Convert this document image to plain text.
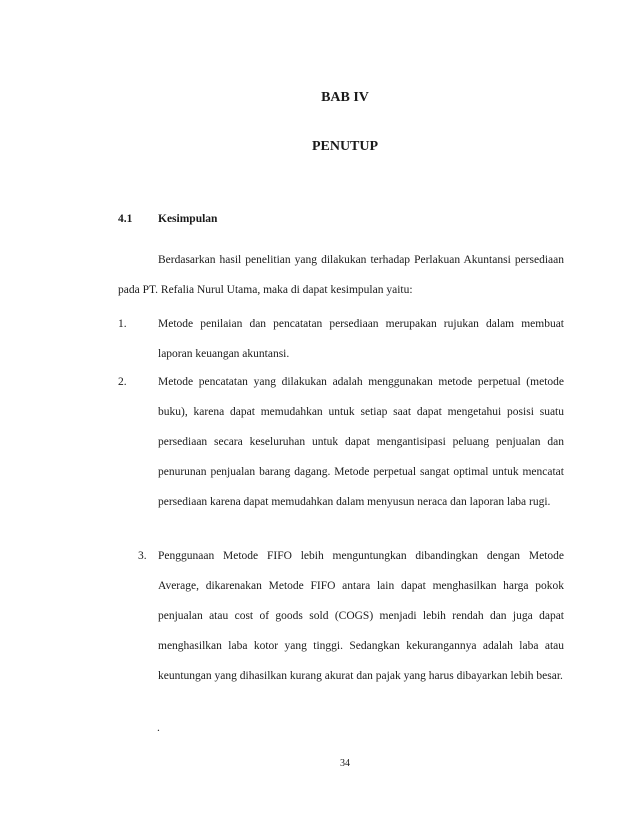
BAB IV
PENUTUP
4.1 Kesimpulan
Berdasarkan hasil penelitian yang dilakukan terhadap Perlakuan Akuntansi persediaan pada PT. Refalia Nurul Utama, maka di dapat kesimpulan yaitu:
1.	Metode penilaian dan pencatatan persediaan merupakan rujukan dalam membuat laporan keuangan akuntansi.
2.	Metode pencatatan yang dilakukan adalah menggunakan metode perpetual (metode buku), karena dapat memudahkan untuk setiap saat dapat mengetahui posisi suatu persediaan secara keseluruhan untuk dapat mengantisipasi peluang penjualan dan penurunan penjualan barang dagang. Metode perpetual sangat optimal untuk mencatat persediaan karena dapat memudahkan dalam menyusun neraca dan laporan laba rugi.
3. Penggunaan Metode FIFO lebih menguntungkan dibandingkan dengan Metode Average, dikarenakan Metode FIFO antara lain dapat menghasilkan harga pokok penjualan atau cost of goods sold (COGS) menjadi lebih rendah dan juga dapat menghasilkan laba kotor yang tinggi. Sedangkan kekurangannya adalah laba atau keuntungan yang dihasilkan kurang akurat dan pajak yang harus dibayarkan lebih besar.
.
34
